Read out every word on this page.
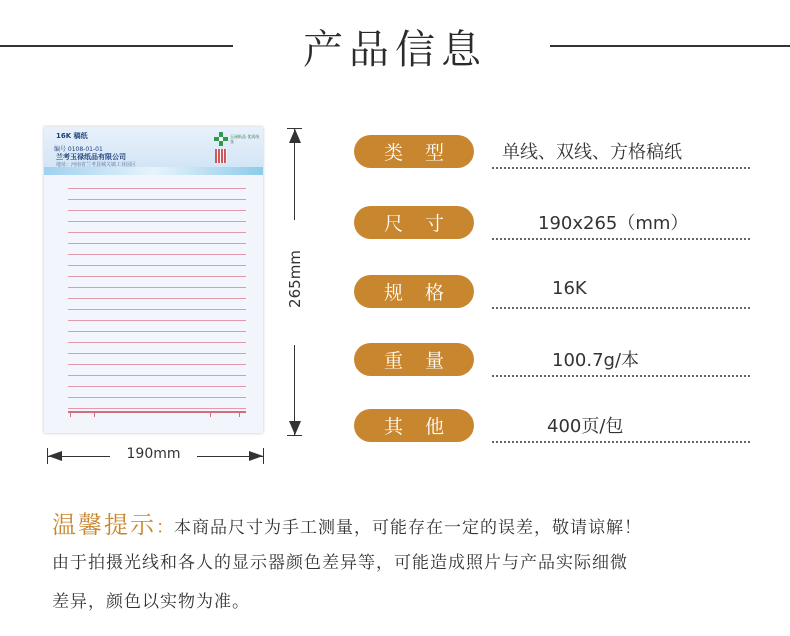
产品信息
16K 稿纸
编号 0108-01-01
兰考玉禄纸品有限公司
地址：河南省兰考县城关镇工业园区
玉禄纸品 优质纸张
265mm
190mm
类型	单线、双线、方格稿纸
尺寸	190x265（mm）
规格	16K
重量	100.7g/本
其他	400页/包
温馨提示：本商品尺寸为手工测量，可能存在一定的误差，敬请谅解！
由于拍摄光线和各人的显示器颜色差异等，可能造成照片与产品实际细微
差异，颜色以实物为准。
